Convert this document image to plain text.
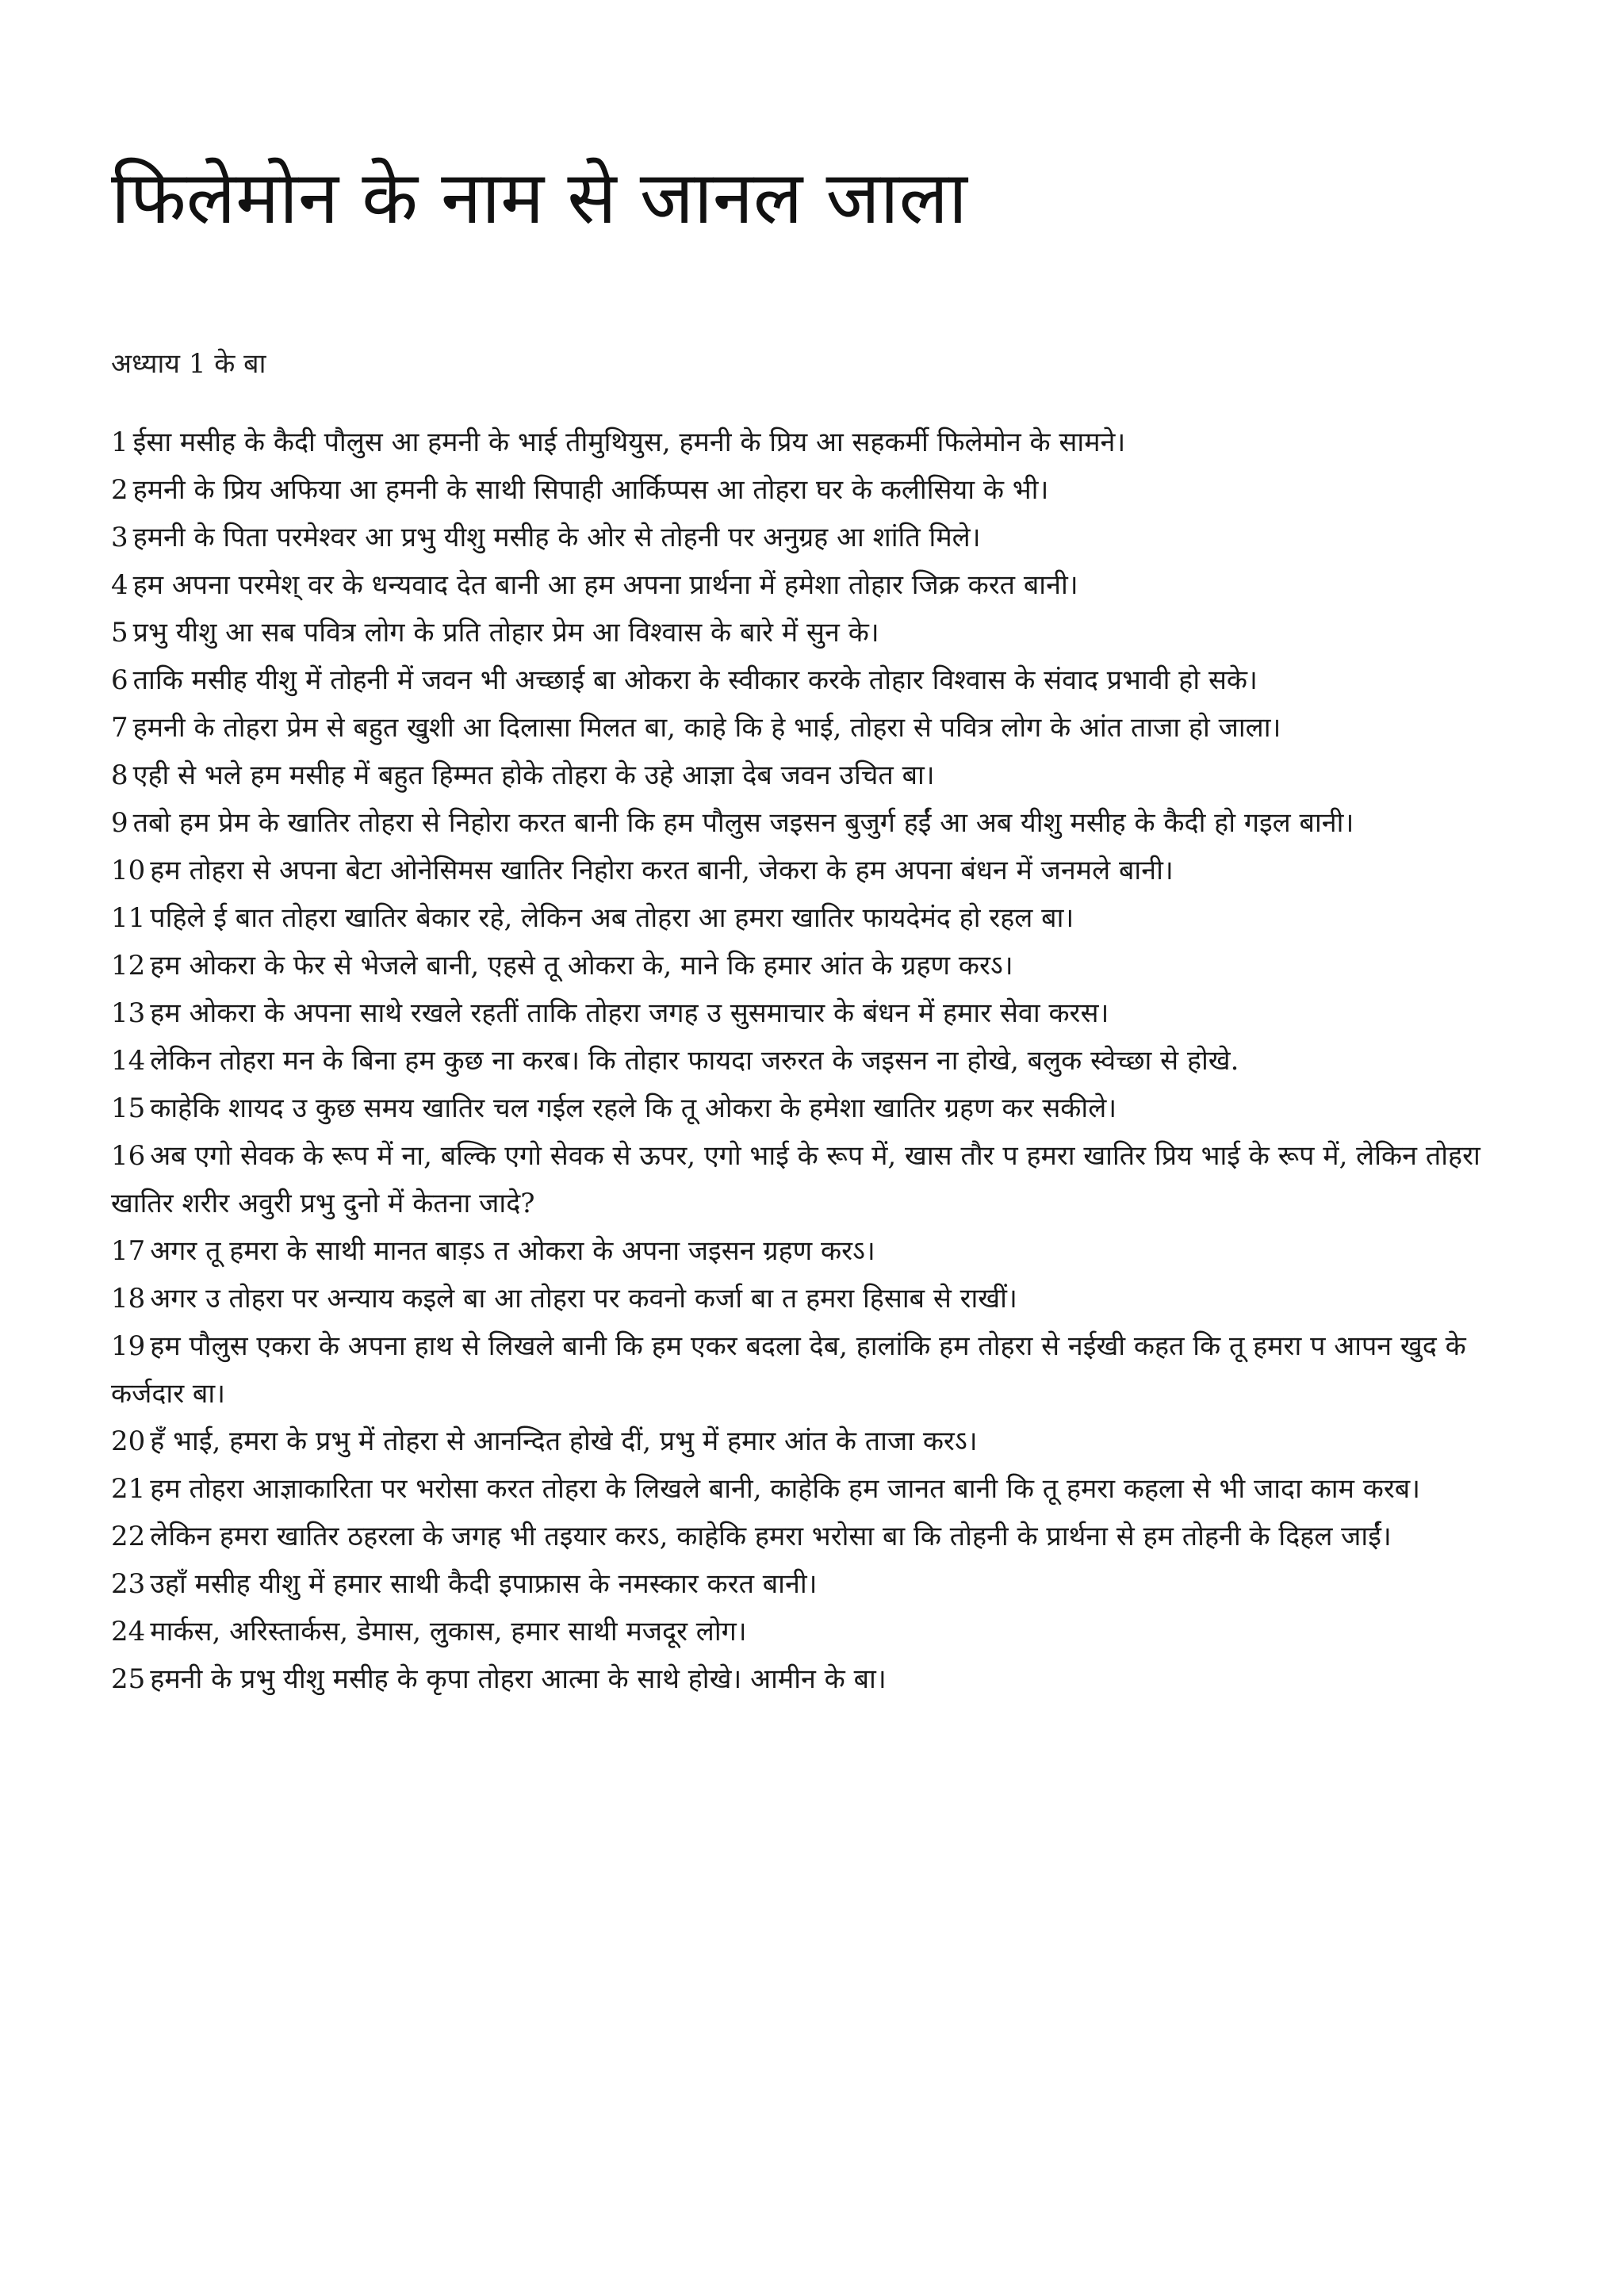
फिलेमोन के नाम से जानल जाला
अध्याय 1 के बा

1 ईसा मसीह के कैदी पौलुस आ हमनी के भाई तीमुथियुस, हमनी के प्रिय आ सहकर्मी फिलेमोन के सामने।

2 हमनी के प्रिय अफिया आ हमनी के साथी सिपाही आर्किप्पस आ तोहरा घर के कलीसिया के भी।

3 हमनी के पिता परमेश्वर आ प्रभु यीशु मसीह के ओर से तोहनी पर अनुग्रह आ शांति मिले।

4 हम अपना परमेश् वर के धन्यवाद देत बानी आ हम अपना प्रार्थना में हमेशा तोहार जिक्र करत बानी।

5 प्रभु यीशु आ सब पवित्र लोग के प्रति तोहार प्रेम आ विश्वास के बारे में सुन के।

6 ताकि मसीह यीशु में तोहनी में जवन भी अच्छाई बा ओकरा के स्वीकार करके तोहार विश्वास के संवाद प्रभावी हो सके।

7 हमनी के तोहरा प्रेम से बहुत खुशी आ दिलासा मिलत बा, काहे कि हे भाई, तोहरा से पवित्र लोग के आंत ताजा हो जाला।

8 एही से भले हम मसीह में बहुत हिम्मत होके तोहरा के उहे आज्ञा देब जवन उचित बा।

9 तबो हम प्रेम के खातिर तोहरा से निहोरा करत बानी कि हम पौलुस जइसन बुजुर्ग हईं आ अब यीशु मसीह के कैदी हो गइल बानी।

10 हम तोहरा से अपना बेटा ओनेसिमस खातिर निहोरा करत बानी, जेकरा के हम अपना बंधन में जनमले बानी।

11 पहिले ई बात तोहरा खातिर बेकार रहे, लेकिन अब तोहरा आ हमरा खातिर फायदेमंद हो रहल बा।

12 हम ओकरा के फेर से भेजले बानी, एहसे तू ओकरा के, माने कि हमार आंत के ग्रहण करऽ।

13 हम ओकरा के अपना साथे रखले रहतीं ताकि तोहरा जगह उ सुसमाचार के बंधन में हमार सेवा करस।

14 लेकिन तोहरा मन के बिना हम कुछ ना करब। कि तोहार फायदा जरुरत के जइसन ना होखे, बलुक स्वेच्छा से होखे.

15 काहेकि शायद उ कुछ समय खातिर चल गईल रहले कि तू ओकरा के हमेशा खातिर ग्रहण कर सकीले।

16 अब एगो सेवक के रूप में ना, बल्कि एगो सेवक से ऊपर, एगो भाई के रूप में, खास तौर प हमरा खातिर प्रिय भाई के रूप में, लेकिन तोहरा खातिर शरीर अवुरी प्रभु दुनो में केतना जादे?

17 अगर तू हमरा के साथी मानत बाड़ऽ त ओकरा के अपना जइसन ग्रहण करऽ।

18 अगर उ तोहरा पर अन्याय कइले बा आ तोहरा पर कवनो कर्जा बा त हमरा हिसाब से राखीं।

19 हम पौलुस एकरा के अपना हाथ से लिखले बानी कि हम एकर बदला देब, हालांकि हम तोहरा से नईखी कहत कि तू हमरा प आपन खुद के कर्जदार बा।

20 हँ भाई, हमरा के प्रभु में तोहरा से आनन्दित होखे दीं, प्रभु में हमार आंत के ताजा करऽ।

21 हम तोहरा आज्ञाकारिता पर भरोसा करत तोहरा के लिखले बानी, काहेकि हम जानत बानी कि तू हमरा कहला से भी जादा काम करब।

22 लेकिन हमरा खातिर ठहरला के जगह भी तइयार करऽ, काहेकि हमरा भरोसा बा कि तोहनी के प्रार्थना से हम तोहनी के दिहल जाईं।

23 उहाँ मसीह यीशु में हमार साथी कैदी इपाफ्रास के नमस्कार करत बानी।

24 मार्कस, अरिस्तार्कस, डेमास, लुकास, हमार साथी मजदूर लोग।

25 हमनी के प्रभु यीशु मसीह के कृपा तोहरा आत्मा के साथे होखे। आमीन के बा।
